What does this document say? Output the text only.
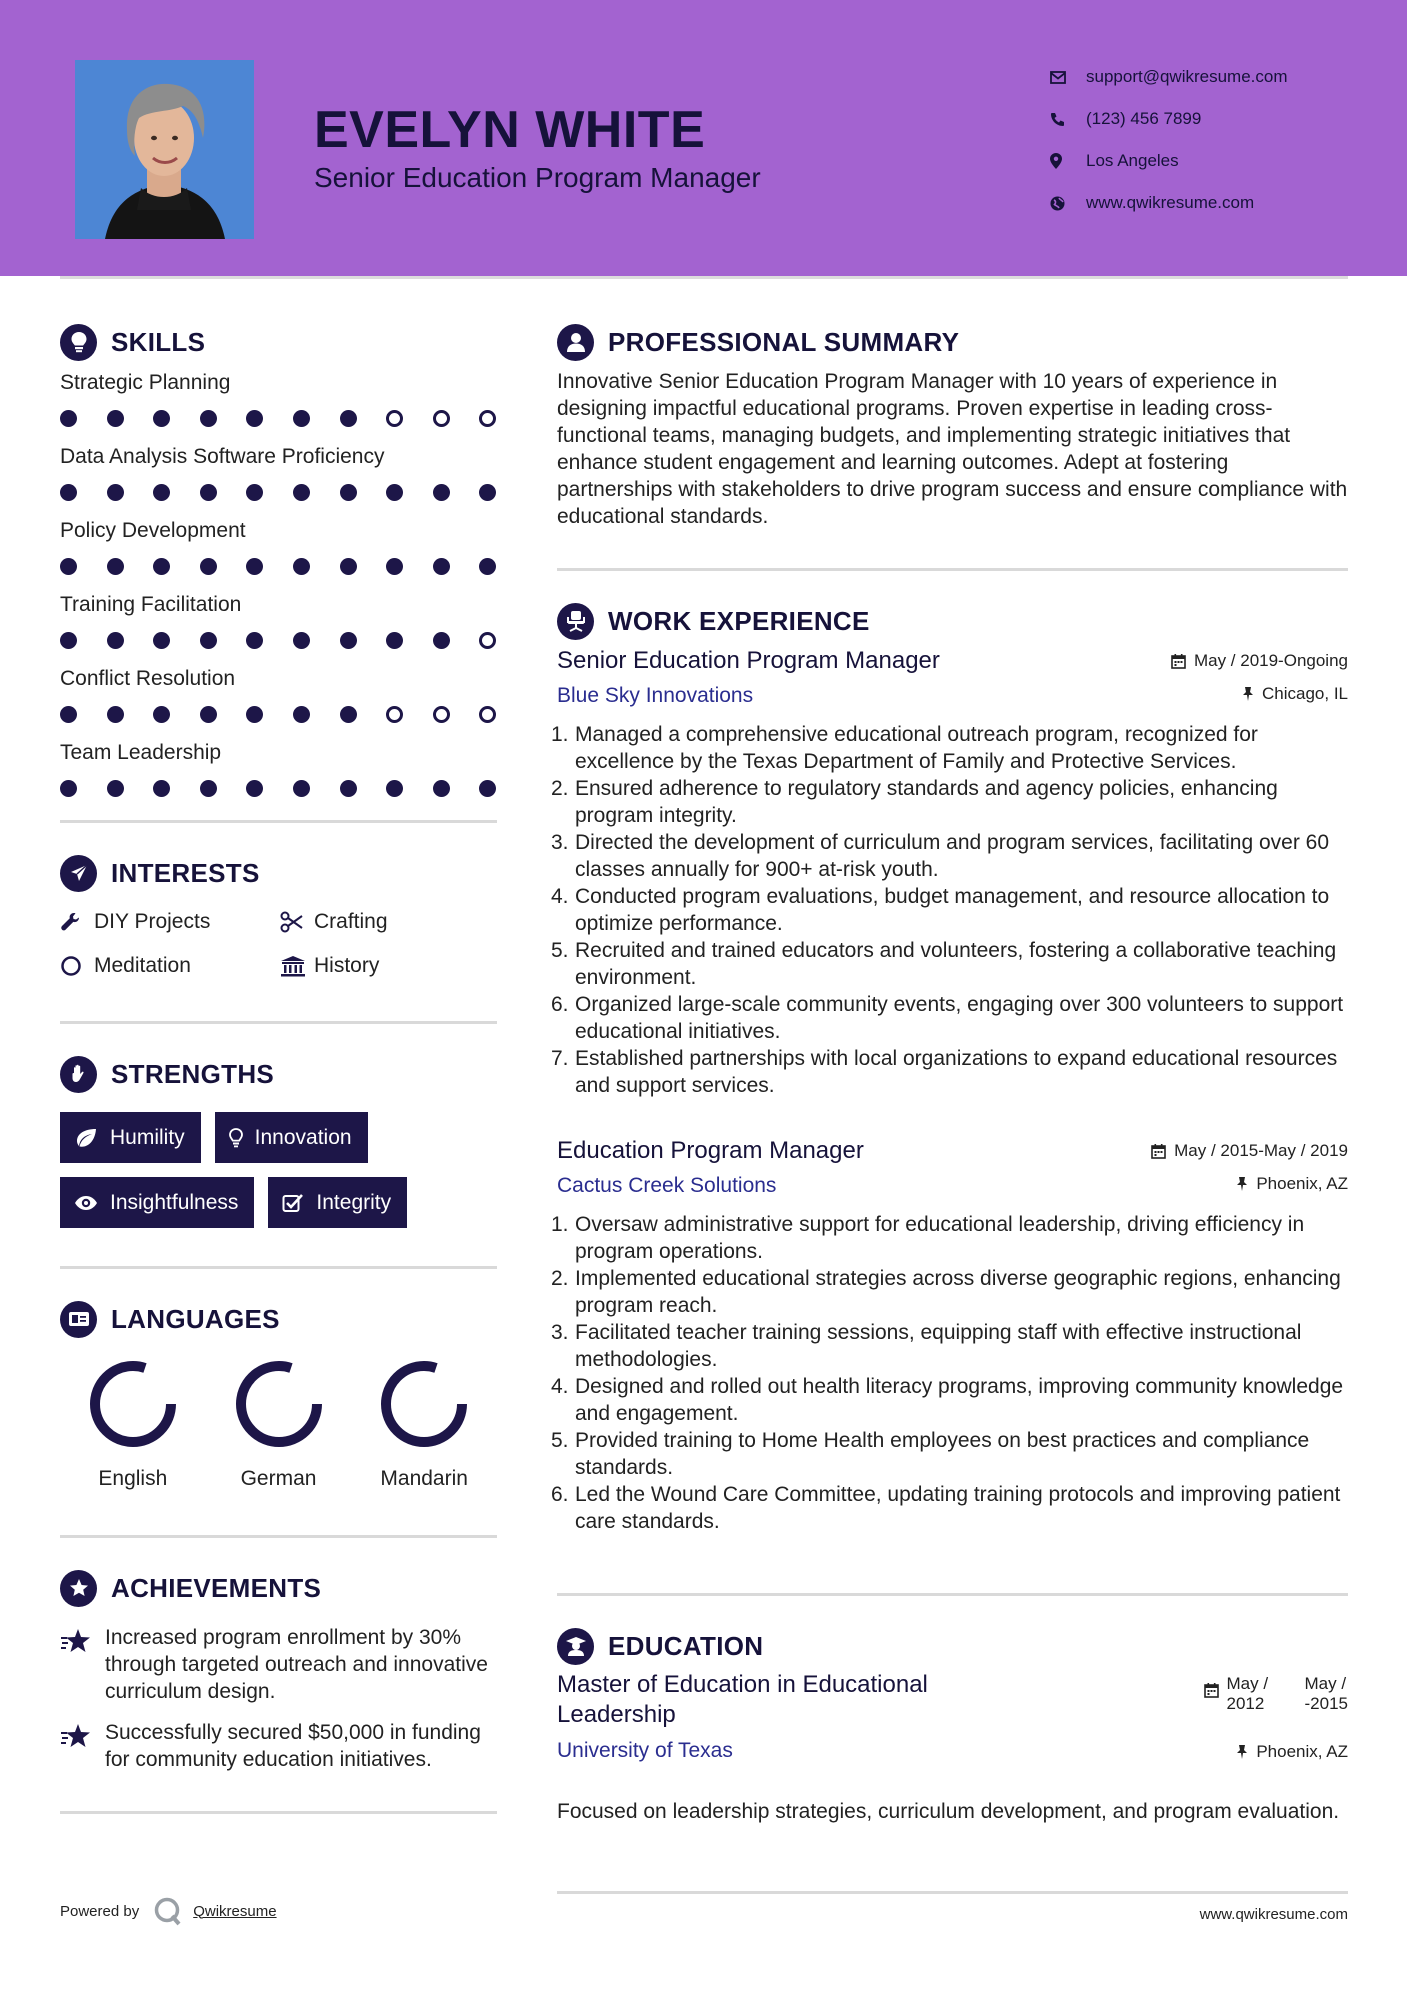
EVELYN WHITE
Senior Education Program Manager
support@qwikresume.com
(123) 456 7899
Los Angeles
www.qwikresume.com
SKILLS
Strategic Planning
Data Analysis Software Proficiency
Policy Development
Training Facilitation
Conflict Resolution
Team Leadership
INTERESTS
DIY Projects	Crafting
Meditation	History
STRENGTHS
Humility	Innovation
Insightfulness	Integrity
LANGUAGES
English	German	Mandarin
ACHIEVEMENTS
Increased program enrollment by 30% through targeted outreach and innovative curriculum design.
Successfully secured $50,000 in funding for community education initiatives.
PROFESSIONAL SUMMARY

Innovative Senior Education Program Manager with 10 years of experience in designing impactful educational programs. Proven expertise in leading cross-functional teams, managing budgets, and implementing strategic initiatives that enhance student engagement and learning outcomes. Adept at fostering partnerships with stakeholders to drive program success and ensure compliance with educational standards.

WORK EXPERIENCE
Senior Education Program Manager
Blue Sky Innovations
May / 2019-Ongoing
Chicago, IL
1. Managed a comprehensive educational outreach program, recognized for excellence by the Texas Department of Family and Protective Services.
2. Ensured adherence to regulatory standards and agency policies, enhancing program integrity.
3. Directed the development of curriculum and program services, facilitating over 60 classes annually for 900+ at-risk youth.
4. Conducted program evaluations, budget management, and resource allocation to optimize performance.
5. Recruited and trained educators and volunteers, fostering a collaborative teaching environment.
6. Organized large-scale community events, engaging over 300 volunteers to support educational initiatives.
7. Established partnerships with local organizations to expand educational resources and support services.
Education Program Manager
Cactus Creek Solutions
May / 2015-May / 2019
Phoenix, AZ
1. Oversaw administrative support for educational leadership, driving efficiency in program operations.
2. Implemented educational strategies across diverse geographic regions, enhancing program reach.
3. Facilitated teacher training sessions, equipping staff with effective instructional methodologies.
4. Designed and rolled out health literacy programs, improving community knowledge and engagement.
5. Provided training to Home Health employees on best practices and compliance standards.
6. Led the Wound Care Committee, updating training protocols and improving patient care standards.
EDUCATION
Master of Education in Educational
Leadership
University of Texas
May /
2012
May /
-2015
Phoenix, AZ

Focused on leadership strategies, curriculum development, and program evaluation.

Powered by	Qwikresume	www.qwikresume.com
